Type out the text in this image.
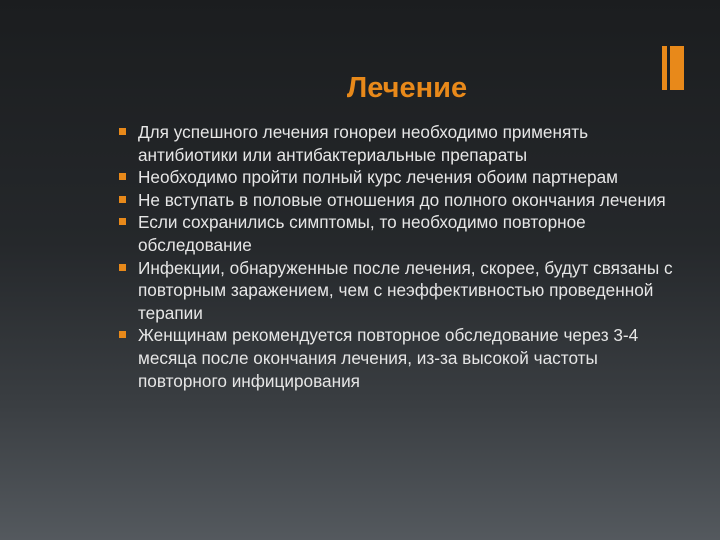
Лечение
Для успешного лечения гонореи необходимо применять антибиотики или антибактериальные препараты
Необходимо пройти полный курс лечения обоим партнерам
Не вступать в половые отношения до полного окончания лечения
Если сохранились симптомы, то необходимо повторное обследование
Инфекции, обнаруженные после лечения, скорее, будут связаны с повторным заражением, чем с неэффективностью проведенной терапии
Женщинам рекомендуется повторное обследование через 3-4 месяца после окончания лечения, из-за высокой частоты повторного инфицирования
